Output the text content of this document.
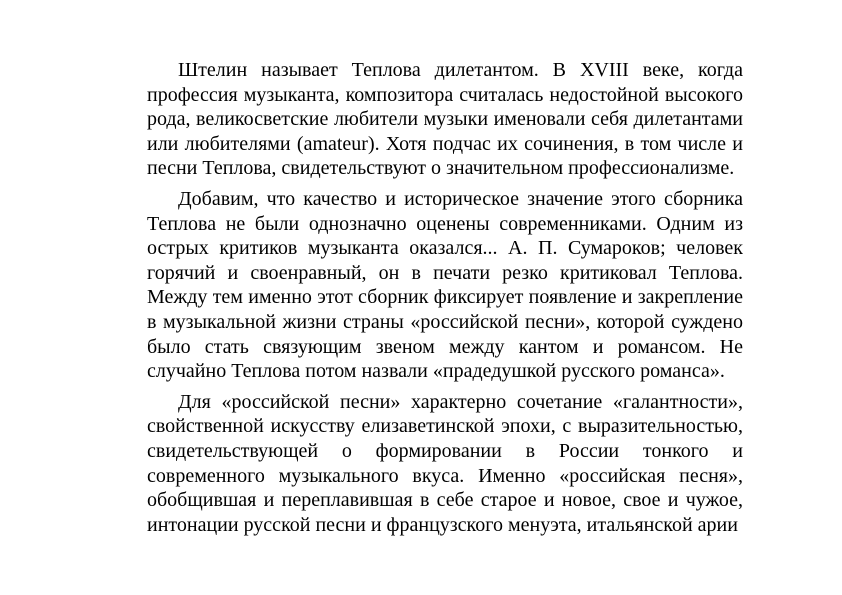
Штелин называет Теплова дилетантом. В XVIII веке, когда профессия музыканта, композитора считалась недостойной высокого рода, великосветские любители музыки именовали себя дилетантами или любителями (amateur). Хотя подчас их сочинения, в том числе и песни Теплова, свидетельствуют о значительном профессионализме.

Добавим, что качество и историческое значение этого сборника Теплова не были однозначно оценены современниками. Одним из острых критиков музыканта оказался... А. П. Сумароков; человек горячий и своенравный, он в печати резко критиковал Теплова. Между тем именно этот сборник фиксирует появление и закрепление в музыкальной жизни страны «российской песни», которой суждено было стать связующим звеном между кантом и романсом. Не случайно Теплова потом назвали «прадедушкой русского романса».

Для «российской песни» характерно сочетание «галантности», свойственной искусству елизаветинской эпохи, с выразительностью, свидетельствующей о формировании в России тонкого и современного музыкального вкуса. Именно «российская песня», обобщившая и переплавившая в себе старое и новое, свое и чужое, интонации русской песни и французского менуэта, итальянской арии
